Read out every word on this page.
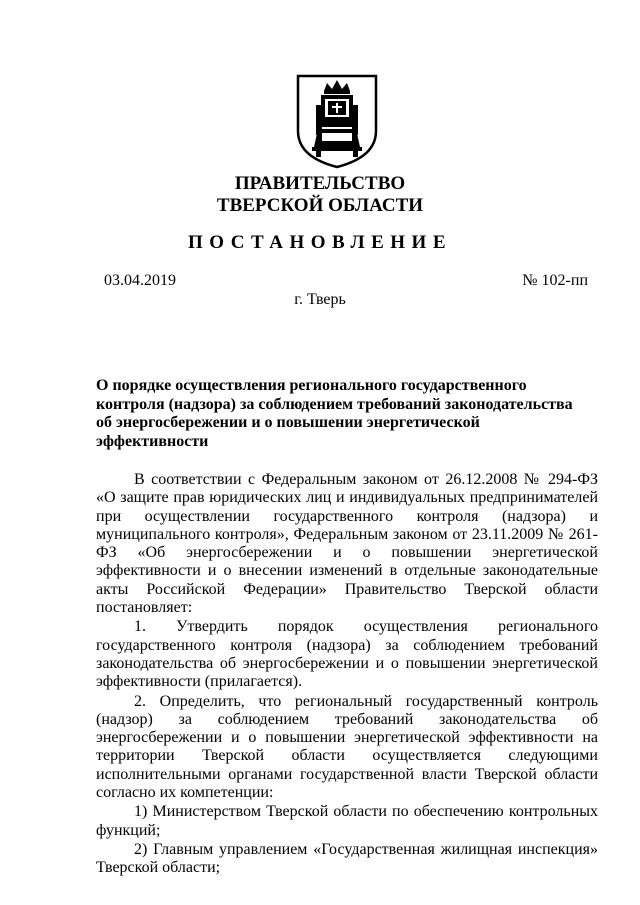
ПРАВИТЕЛЬСТВО
ТВЕРСКОЙ ОБЛАСТИ
ПОСТАНОВЛЕНИЕ
03.04.2019	№ 102-пп
г. Тверь
О порядке осуществления регионального государственного
контроля (надзора) за соблюдением требований законодательства
об энергосбережении и о повышении энергетической эффективности

В соответствии с Федеральным законом от 26.12.2008 № 294-ФЗ «О защите прав юридических лиц и индивидуальных предпринимателей при осуществлении государственного контроля (надзора) и муниципального контроля», Федеральным законом от 23.11.2009 № 261-ФЗ «Об энергосбережении и о повышении энергетической эффективности и о внесении изменений в отдельные законодательные акты Российской Федерации» Правительство Тверской области постановляет:

1. Утвердить порядок осуществления регионального государственного контроля (надзора) за соблюдением требований законодательства об энергосбережении и о повышении энергетической эффективности (прилагается).

2. Определить, что региональный государственный контроль (надзор) за соблюдением требований законодательства об энергосбережении и о повышении энергетической эффективности на территории Тверской области осуществляется следующими исполнительными органами государственной власти Тверской области согласно их компетенции:

1) Министерством Тверской области по обеспечению контрольных функций;

2) Главным управлением «Государственная жилищная инспекция» Тверской области;
